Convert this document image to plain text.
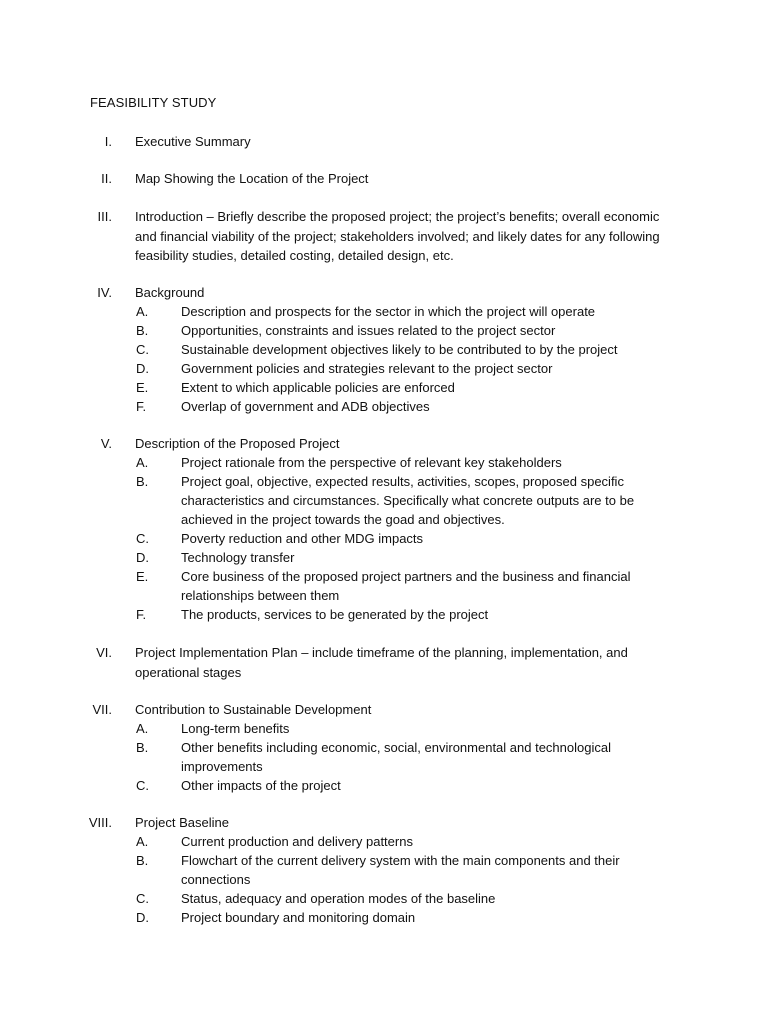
FEASIBILITY STUDY
I. Executive Summary
II. Map Showing the Location of the Project
III. Introduction – Briefly describe the proposed project; the project’s benefits; overall economic and financial viability of the project; stakeholders involved; and likely dates for any following feasibility studies, detailed costing, detailed design, etc.
IV. Background
A.	Description and prospects for the sector in which the project will operate
B.	Opportunities, constraints and issues related to the project sector
C. Sustainable development objectives likely to be contributed to by the project
D. Government policies and strategies relevant to the project sector
E.	Extent to which applicable policies are enforced
F.	Overlap of government and ADB objectives
V. Description of the Proposed Project
A.	Project rationale from the perspective of relevant key stakeholders
B.	Project goal, objective, expected results, activities, scopes, proposed specific characteristics and circumstances. Specifically what concrete outputs are to be achieved in the project towards the goad and objectives.
C. Poverty reduction and other MDG impacts
D. Technology transfer
E.	Core business of the proposed project partners and the business and financial relationships between them
F.	The products, services to be generated by the project
VI. Project Implementation Plan – include timeframe of the planning, implementation, and operational stages
VII. Contribution to Sustainable Development
A.	Long-term benefits
B.	Other benefits including economic, social, environmental and technological improvements
C. Other impacts of the project
VIII. Project Baseline
A.	Current production and delivery patterns
B.	Flowchart of the current delivery system with the main components and their connections
C. Status, adequacy and operation modes of the baseline
D. Project boundary and monitoring domain
